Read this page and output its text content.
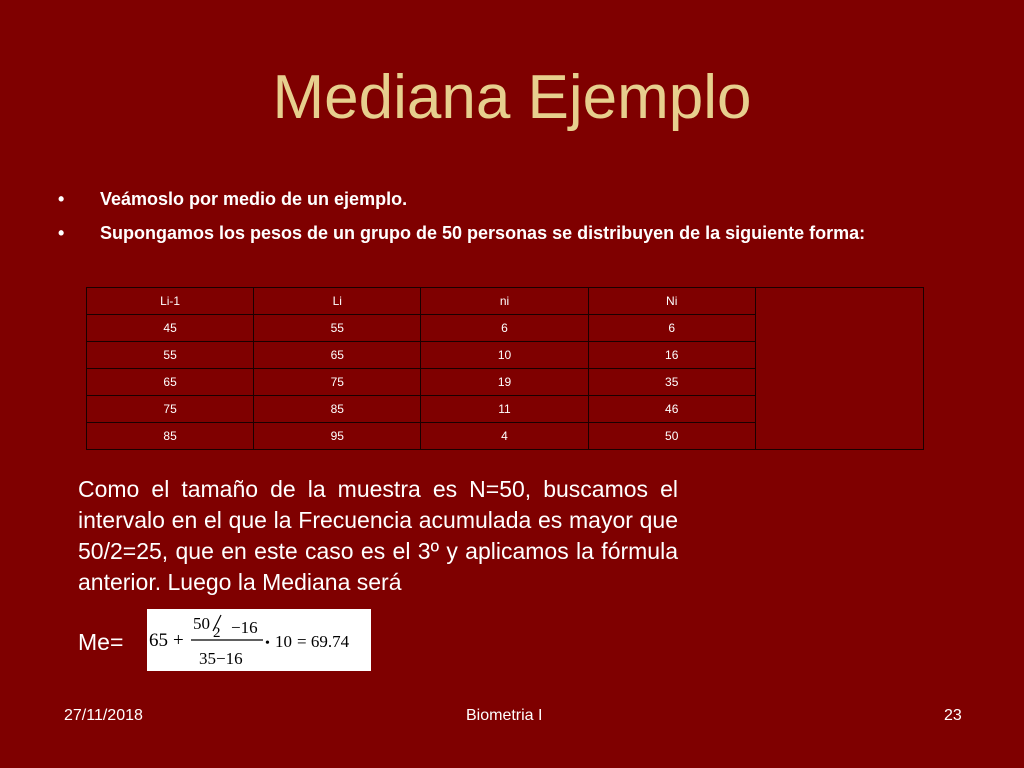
Mediana Ejemplo
• Veámoslo por medio de un ejemplo.
• Supongamos los pesos de un grupo de 50 personas se distribuyen de la siguiente forma:
Li-1	Li	ni	Ni	
45	55	6	6	
55	65	10	16	
65	75	19	35	
75	85	11	46	
85	95	4	50	
Como el tamaño de la muestra es N=50, buscamos el intervalo en el que la Frecuencia acumulada es mayor que 50/2=25, que en este caso es el 3º y aplicamos la fórmula anterior. Luego la Mediana será
Me= 65 +
50 2 −16
35−16
• 10 = 69.74
27/11/2018	Biometria I	23
